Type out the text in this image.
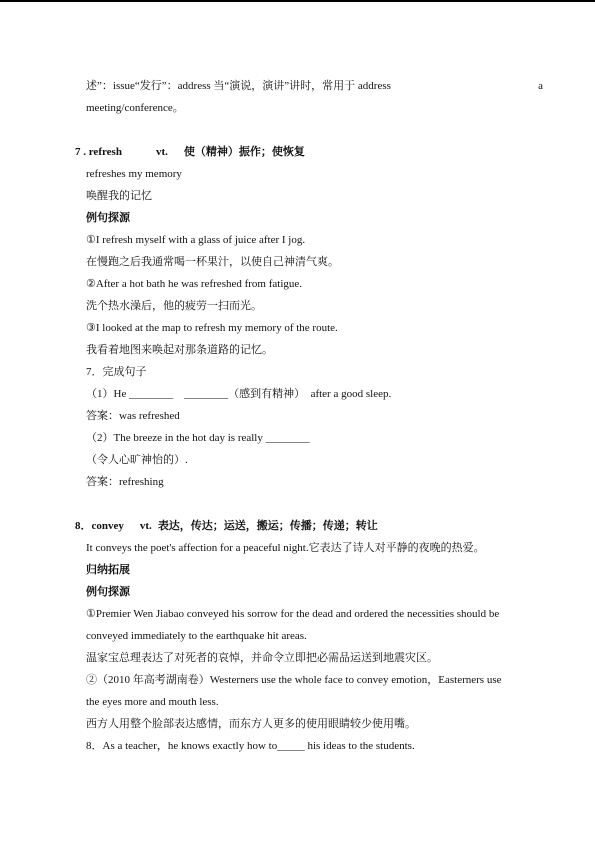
述”：issue“发行”：address 当“演说，演讲”讲时，常用于 address	a
meeting/conference。
7 . refresh	vt. 使（精神）振作；使恢复
refreshes my memory
唤醒我的记忆
例句探源
①I refresh myself with a glass of juice after I jog.
在慢跑之后我通常喝一杯果汁，以使自己神清气爽。
②After a hot bath he was refreshed from fatigue.
洗个热水澡后，他的疲劳一扫而光。
③I looked at the map to refresh my memory of the route.
我看着地图来唤起对那条道路的记忆。
7．完成句子
（1）He ________　________（感到有精神）　after a good sleep.
答案：was refreshed
（2）The breeze in the hot day is really ________
（令人心旷神怡的）.
答案：refreshing
8．convey vt. 表达，传达；运送，搬运；传播；传递；转让
It conveys the poet's affection for a peaceful night.它表达了诗人对平静的夜晚的热爱。
归纳拓展
例句探源
①Premier Wen Jiabao conveyed his sorrow for the dead and ordered the necessities should be
conveyed immediately to the earthquake hit areas.
温家宝总理表达了对死者的哀悼，并命令立即把必需品运送到地震灾区。
②（2010 年高考湖南卷）Westerners use the whole face to convey emotion，Easterners use
the eyes more and mouth less.
西方人用整个脸部表达感情，而东方人更多的使用眼睛较少使用嘴。
8．As a teacher，he knows exactly how to_____ his ideas to the students.
